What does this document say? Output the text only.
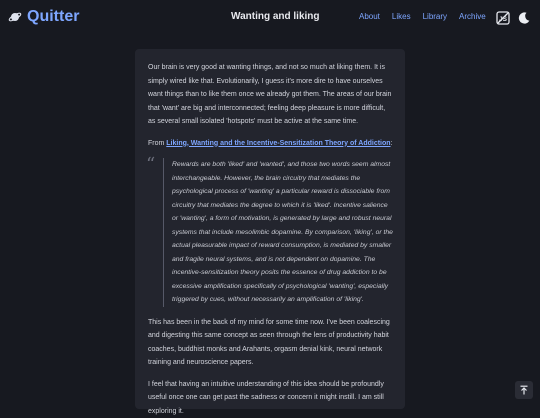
Quitter	Wanting and liking	About Likes Library Archive JS

Our brain is very good at wanting things, and not so much at liking them. It is simply wired like that. Evolutionarily, I guess it's more dire to have ourselves want things than to like them once we already got them. The areas of our brain that 'want' are big and interconnected; feeling deep pleasure is more difficult, as several small isolated 'hotspots' must be active at the same time.

From Liking, Wanting and the Incentive-Sensitization Theory of Addiction:

“	Rewards are both 'liked' and 'wanted', and those two words seem almost interchangeable. However, the brain circuitry that mediates the psychological process of 'wanting' a particular reward is dissociable from circuitry that mediates the degree to which it is 'liked'. Incentive salience or 'wanting', a form of motivation, is generated by large and robust neural systems that include mesolimbic dopamine. By comparison, 'liking', or the actual pleasurable impact of reward consumption, is mediated by smaller and fragile neural systems, and is not dependent on dopamine. The incentive-sensitization theory posits the essence of drug addiction to be excessive amplification specifically of psychological 'wanting', especially triggered by cues, without necessarily an amplification of 'liking'.

This has been in the back of my mind for some time now. I've been coalescing and digesting this same concept as seen through the lens of productivity habit coaches, buddhist monks and Arahants, orgasm denial kink, neural network training and neuroscience papers.

I feel that having an intuitive understanding of this idea should be profoundly useful once one can get past the sadness or concern it might instill. I am still exploring it.
